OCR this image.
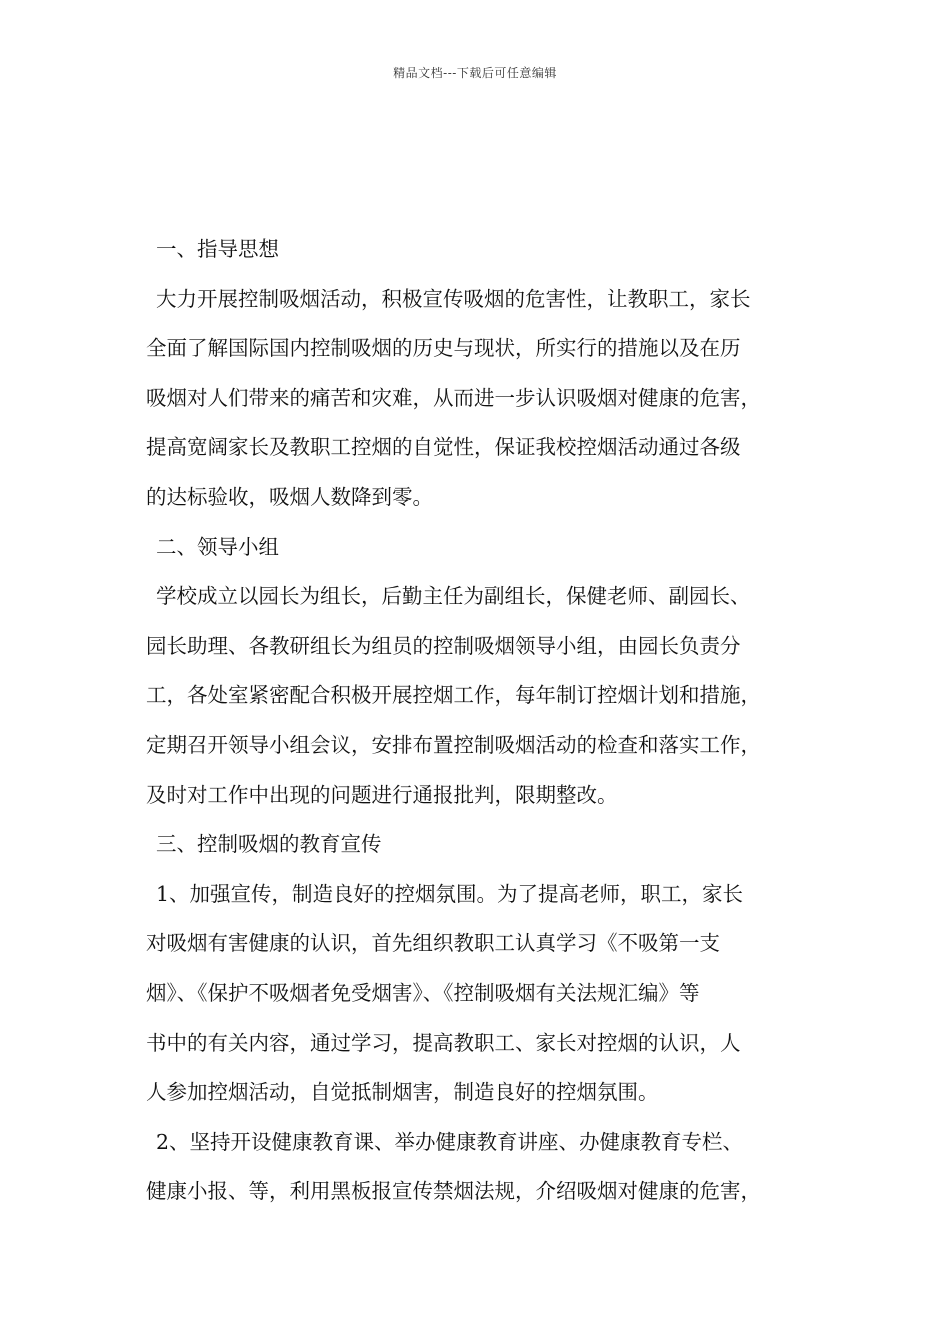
精品文档---下载后可任意编辑
一、指导思想
大力开展控制吸烟活动，积极宣传吸烟的危害性，让教职工，家长
全面了解国际国内控制吸烟的历史与现状，所实行的措施以及在历
吸烟对人们带来的痛苦和灾难，从而进一步认识吸烟对健康的危害，
提高宽阔家长及教职工控烟的自觉性，保证我校控烟活动通过各级
的达标验收，吸烟人数降到零。
二、领导小组
学校成立以园长为组长，后勤主任为副组长，保健老师、副园长、
园长助理、各教研组长为组员的控制吸烟领导小组，由园长负责分
工，各处室紧密配合积极开展控烟工作，每年制订控烟计划和措施，
定期召开领导小组会议，安排布置控制吸烟活动的检查和落实工作，
及时对工作中出现的问题进行通报批判，限期整改。
三、控制吸烟的教育宣传
1、加强宣传，制造良好的控烟氛围。为了提高老师，职工，家长
对吸烟有害健康的认识，首先组织教职工认真学习《不吸第一支
烟》、《保护不吸烟者免受烟害》、《控制吸烟有关法规汇编》等
书中的有关内容，通过学习，提高教职工、家长对控烟的认识，人
人参加控烟活动，自觉抵制烟害，制造良好的控烟氛围。
2、坚持开设健康教育课、举办健康教育讲座、办健康教育专栏、
健康小报、等，利用黑板报宣传禁烟法规，介绍吸烟对健康的危害，
